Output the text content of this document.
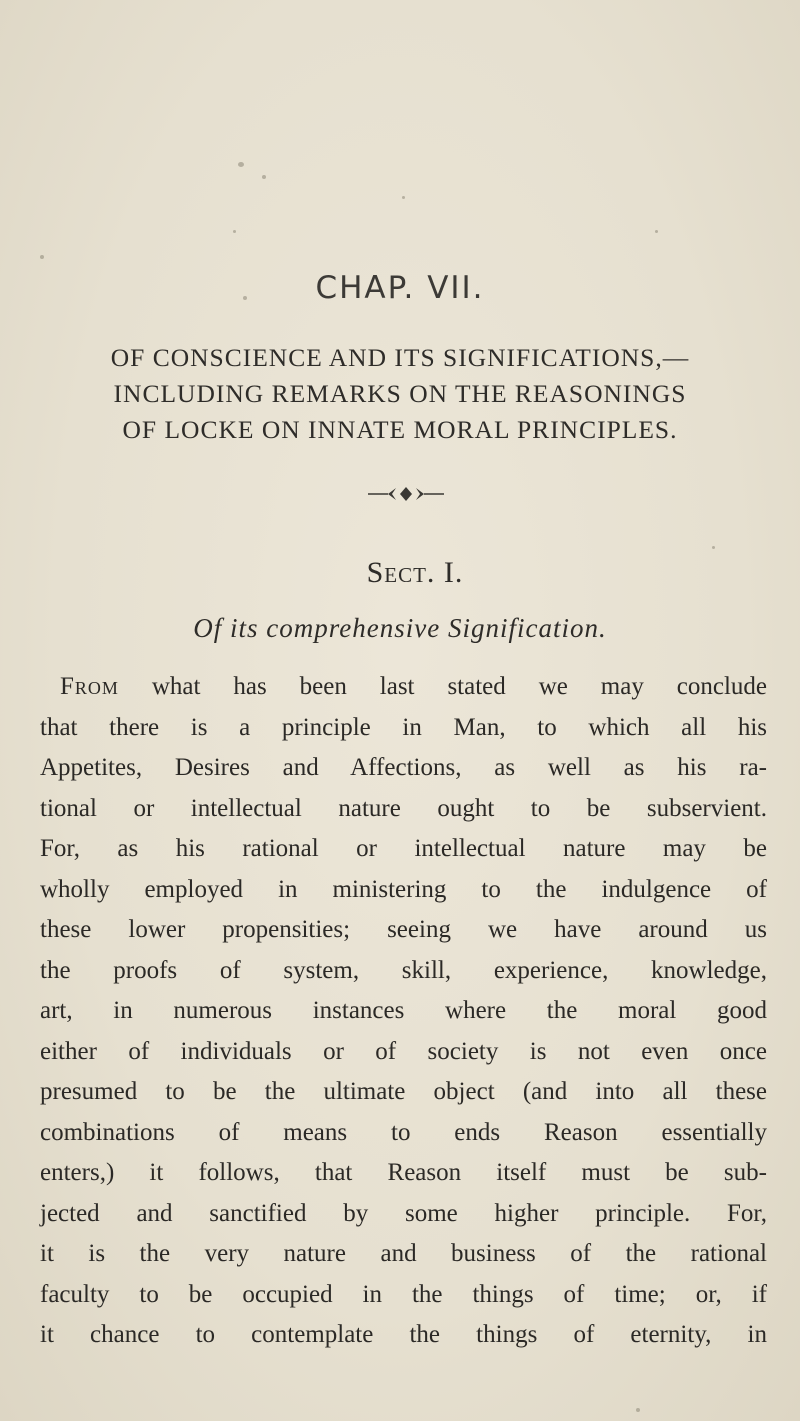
CHAP. VII.
OF CONSCIENCE AND ITS SIGNIFICATIONS,—
INCLUDING REMARKS ON THE REASONINGS
OF LOCKE ON INNATE MORAL PRINCIPLES.
Sect. I.
Of its comprehensive Signification.
From what has been last stated we may conclude
that there is a principle in Man, to which all his
Appetites, Desires and Affections, as well as his ra-
tional or intellectual nature ought to be subservient.
For, as his rational or intellectual nature may be
wholly employed in ministering to the indulgence of
these lower propensities; seeing we have around us
the proofs of system, skill, experience, knowledge,
art, in numerous instances where the moral good
either of individuals or of society is not even once
presumed to be the ultimate object (and into all these
combinations of means to ends Reason essentially
enters,) it follows, that Reason itself must be sub-
jected and sanctified by some higher principle. For,
it is the very nature and business of the rational
faculty to be occupied in the things of time; or, if
it chance to contemplate the things of eternity, in
